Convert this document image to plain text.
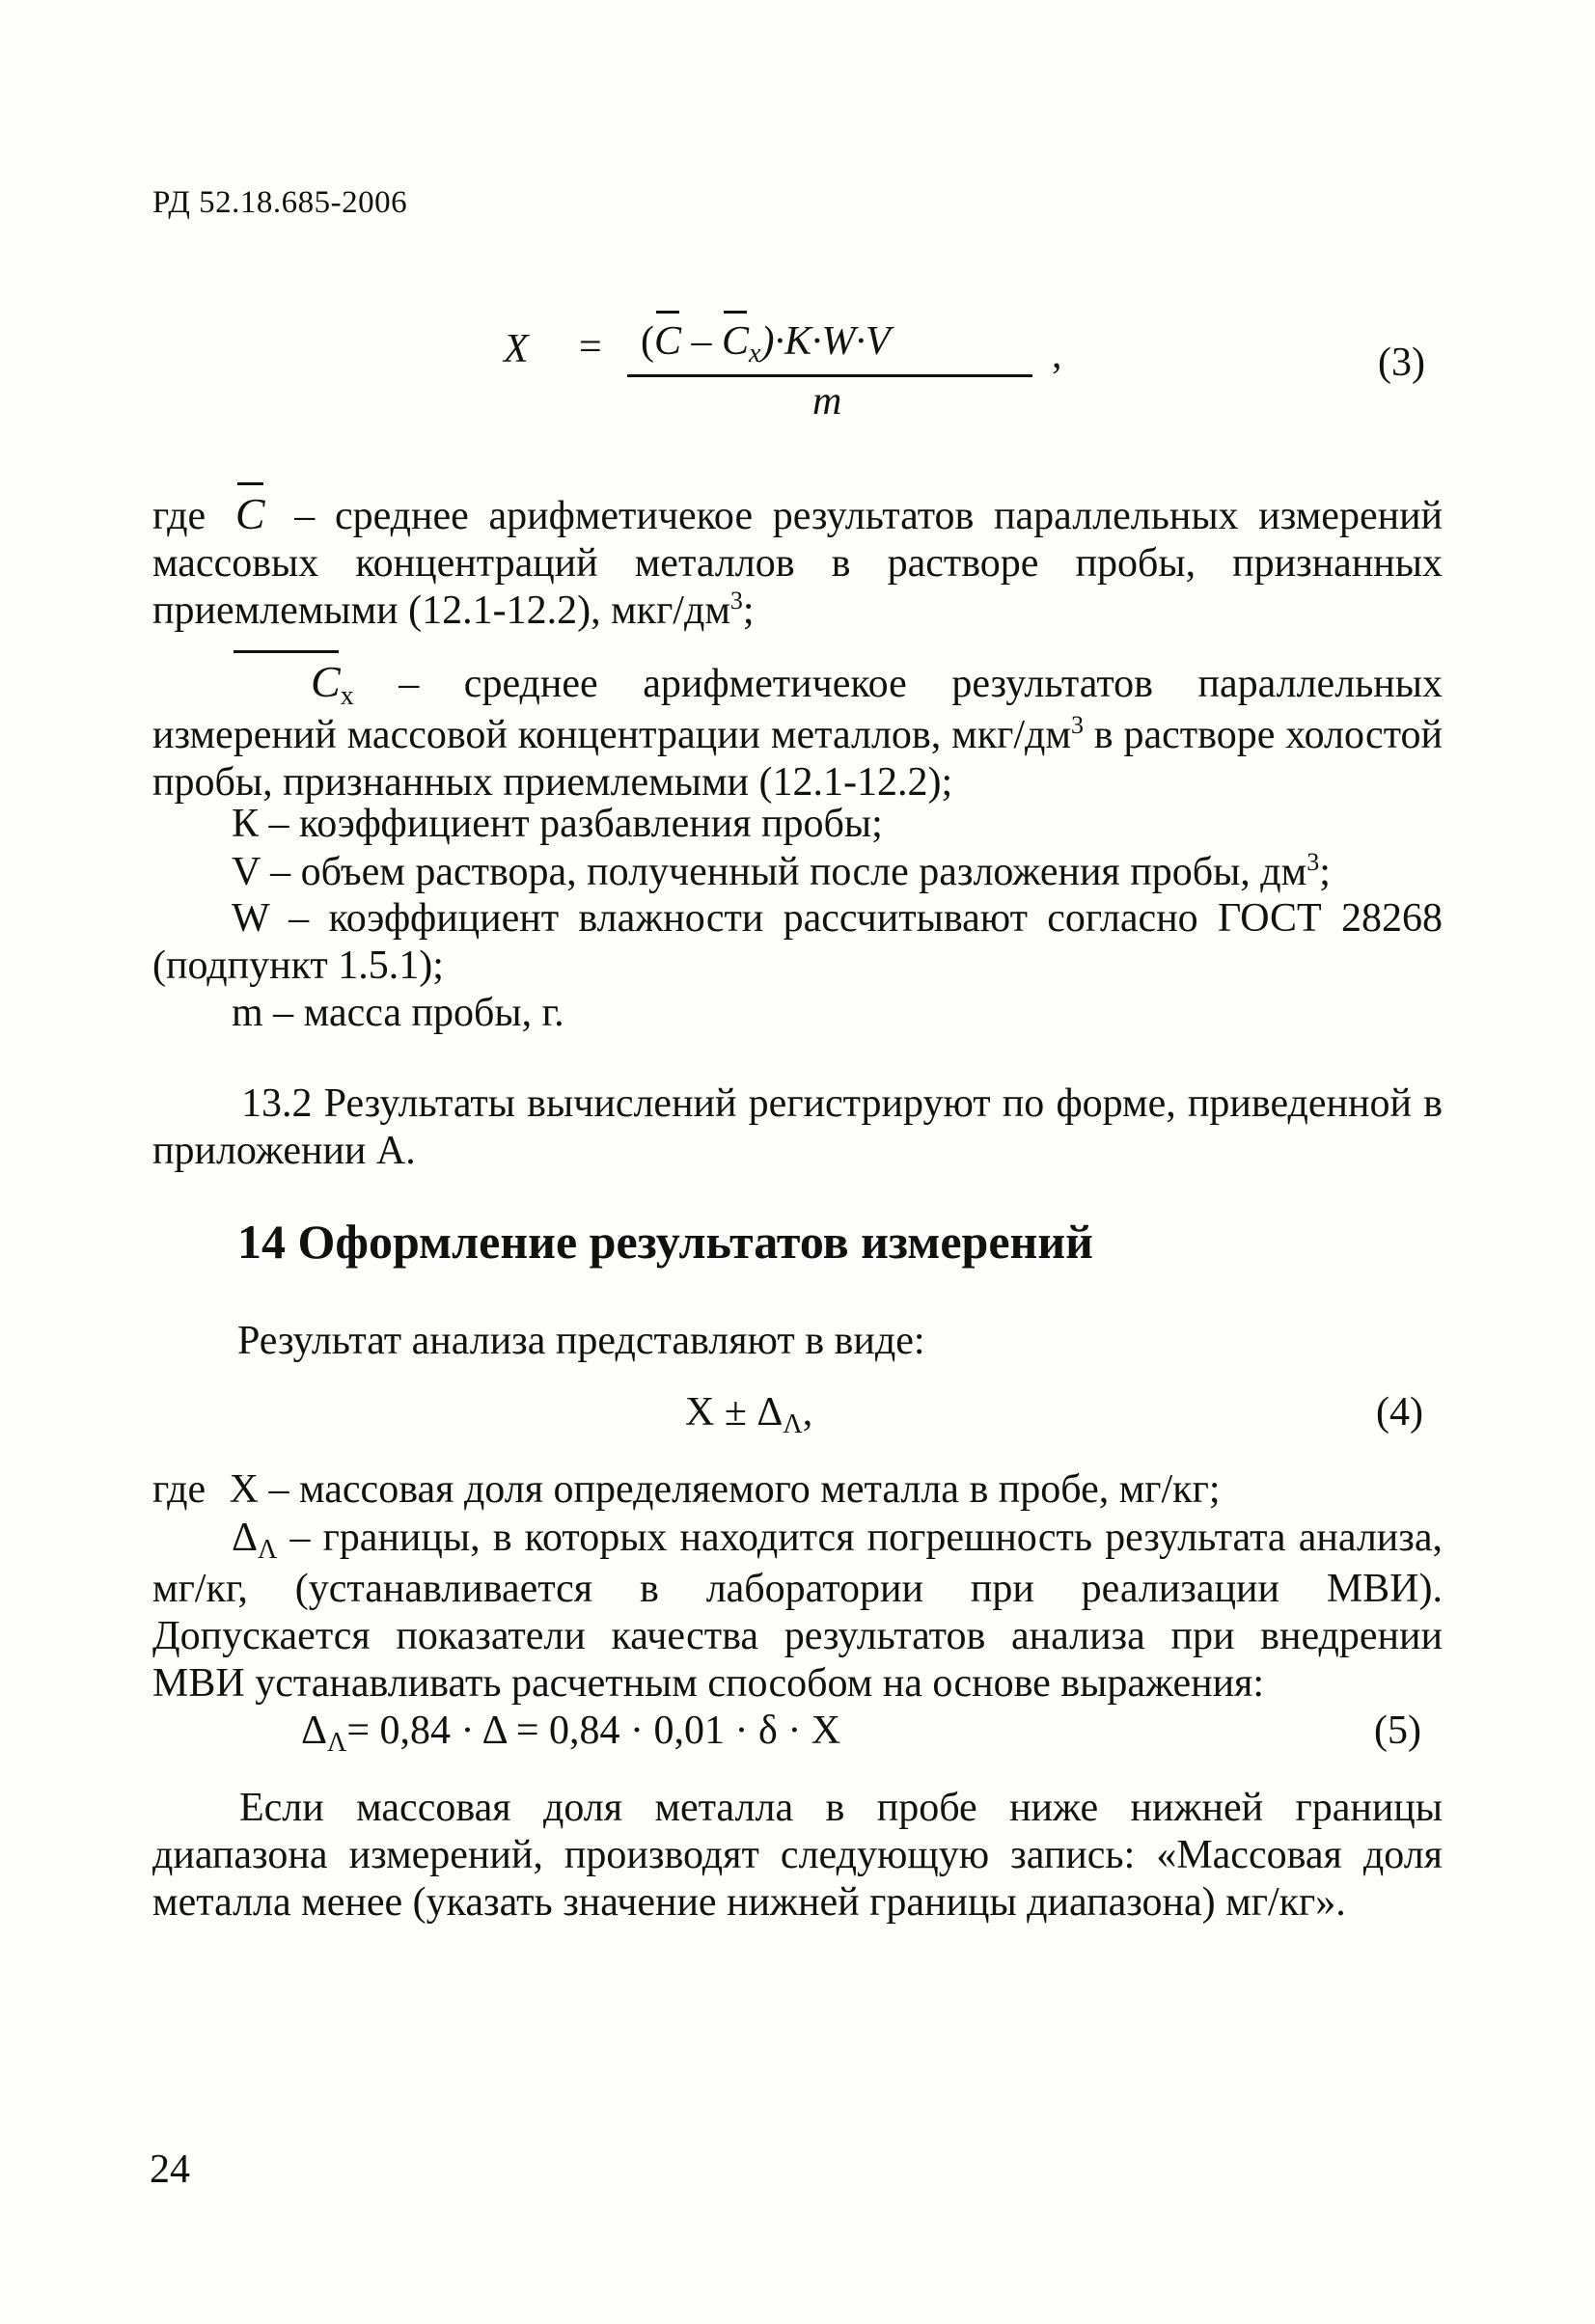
РД 52.18.685-2006
X = (C – Cx)·K·W·V
m
,	(3)
где C – среднее арифметичекое результатов параллельных измерений массовых концентраций металлов в растворе пробы, признанных приемлемыми (12.1-12.2), мкг/$дм^3$;
Cx – среднее арифметичекое результатов параллельных измерений массовой концентрации металлов, мкг/$дм^3$ в растворе холостой пробы, признанных приемлемыми (12.1-12.2);
К – коэффициент разбавления пробы;
V – объем раствора, полученный после разложения пробы, $дм^3$;
W – коэффициент влажности рассчитывают согласно ГОСТ 28268 (подпункт 1.5.1);
m – масса пробы, г.
13.2 Результаты вычислений регистрируют по форме, приведенной в приложении А.
14 Оформление результатов измерений
Результат анализа представляют в виде:
X ± ΔΛ,	(4)
где X – массовая доля определяемого металла в пробе, мг/кг;
ΔΛ – границы, в которых находится погрешность результата анализа, мг/кг, (устанавливается в лаборатории при реализации МВИ). Допускается показатели качества результатов анализа при внедрении МВИ устанавливать расчетным способом на основе выражения:
ΔΛ= 0,84 · Δ = 0,84 · 0,01 · δ · X	(5)
Если массовая доля металла в пробе ниже нижней границы диапазона измерений, производят следующую запись: «Массовая доля металла менее (указать значение нижней границы диапазона) мг/кг».
24
